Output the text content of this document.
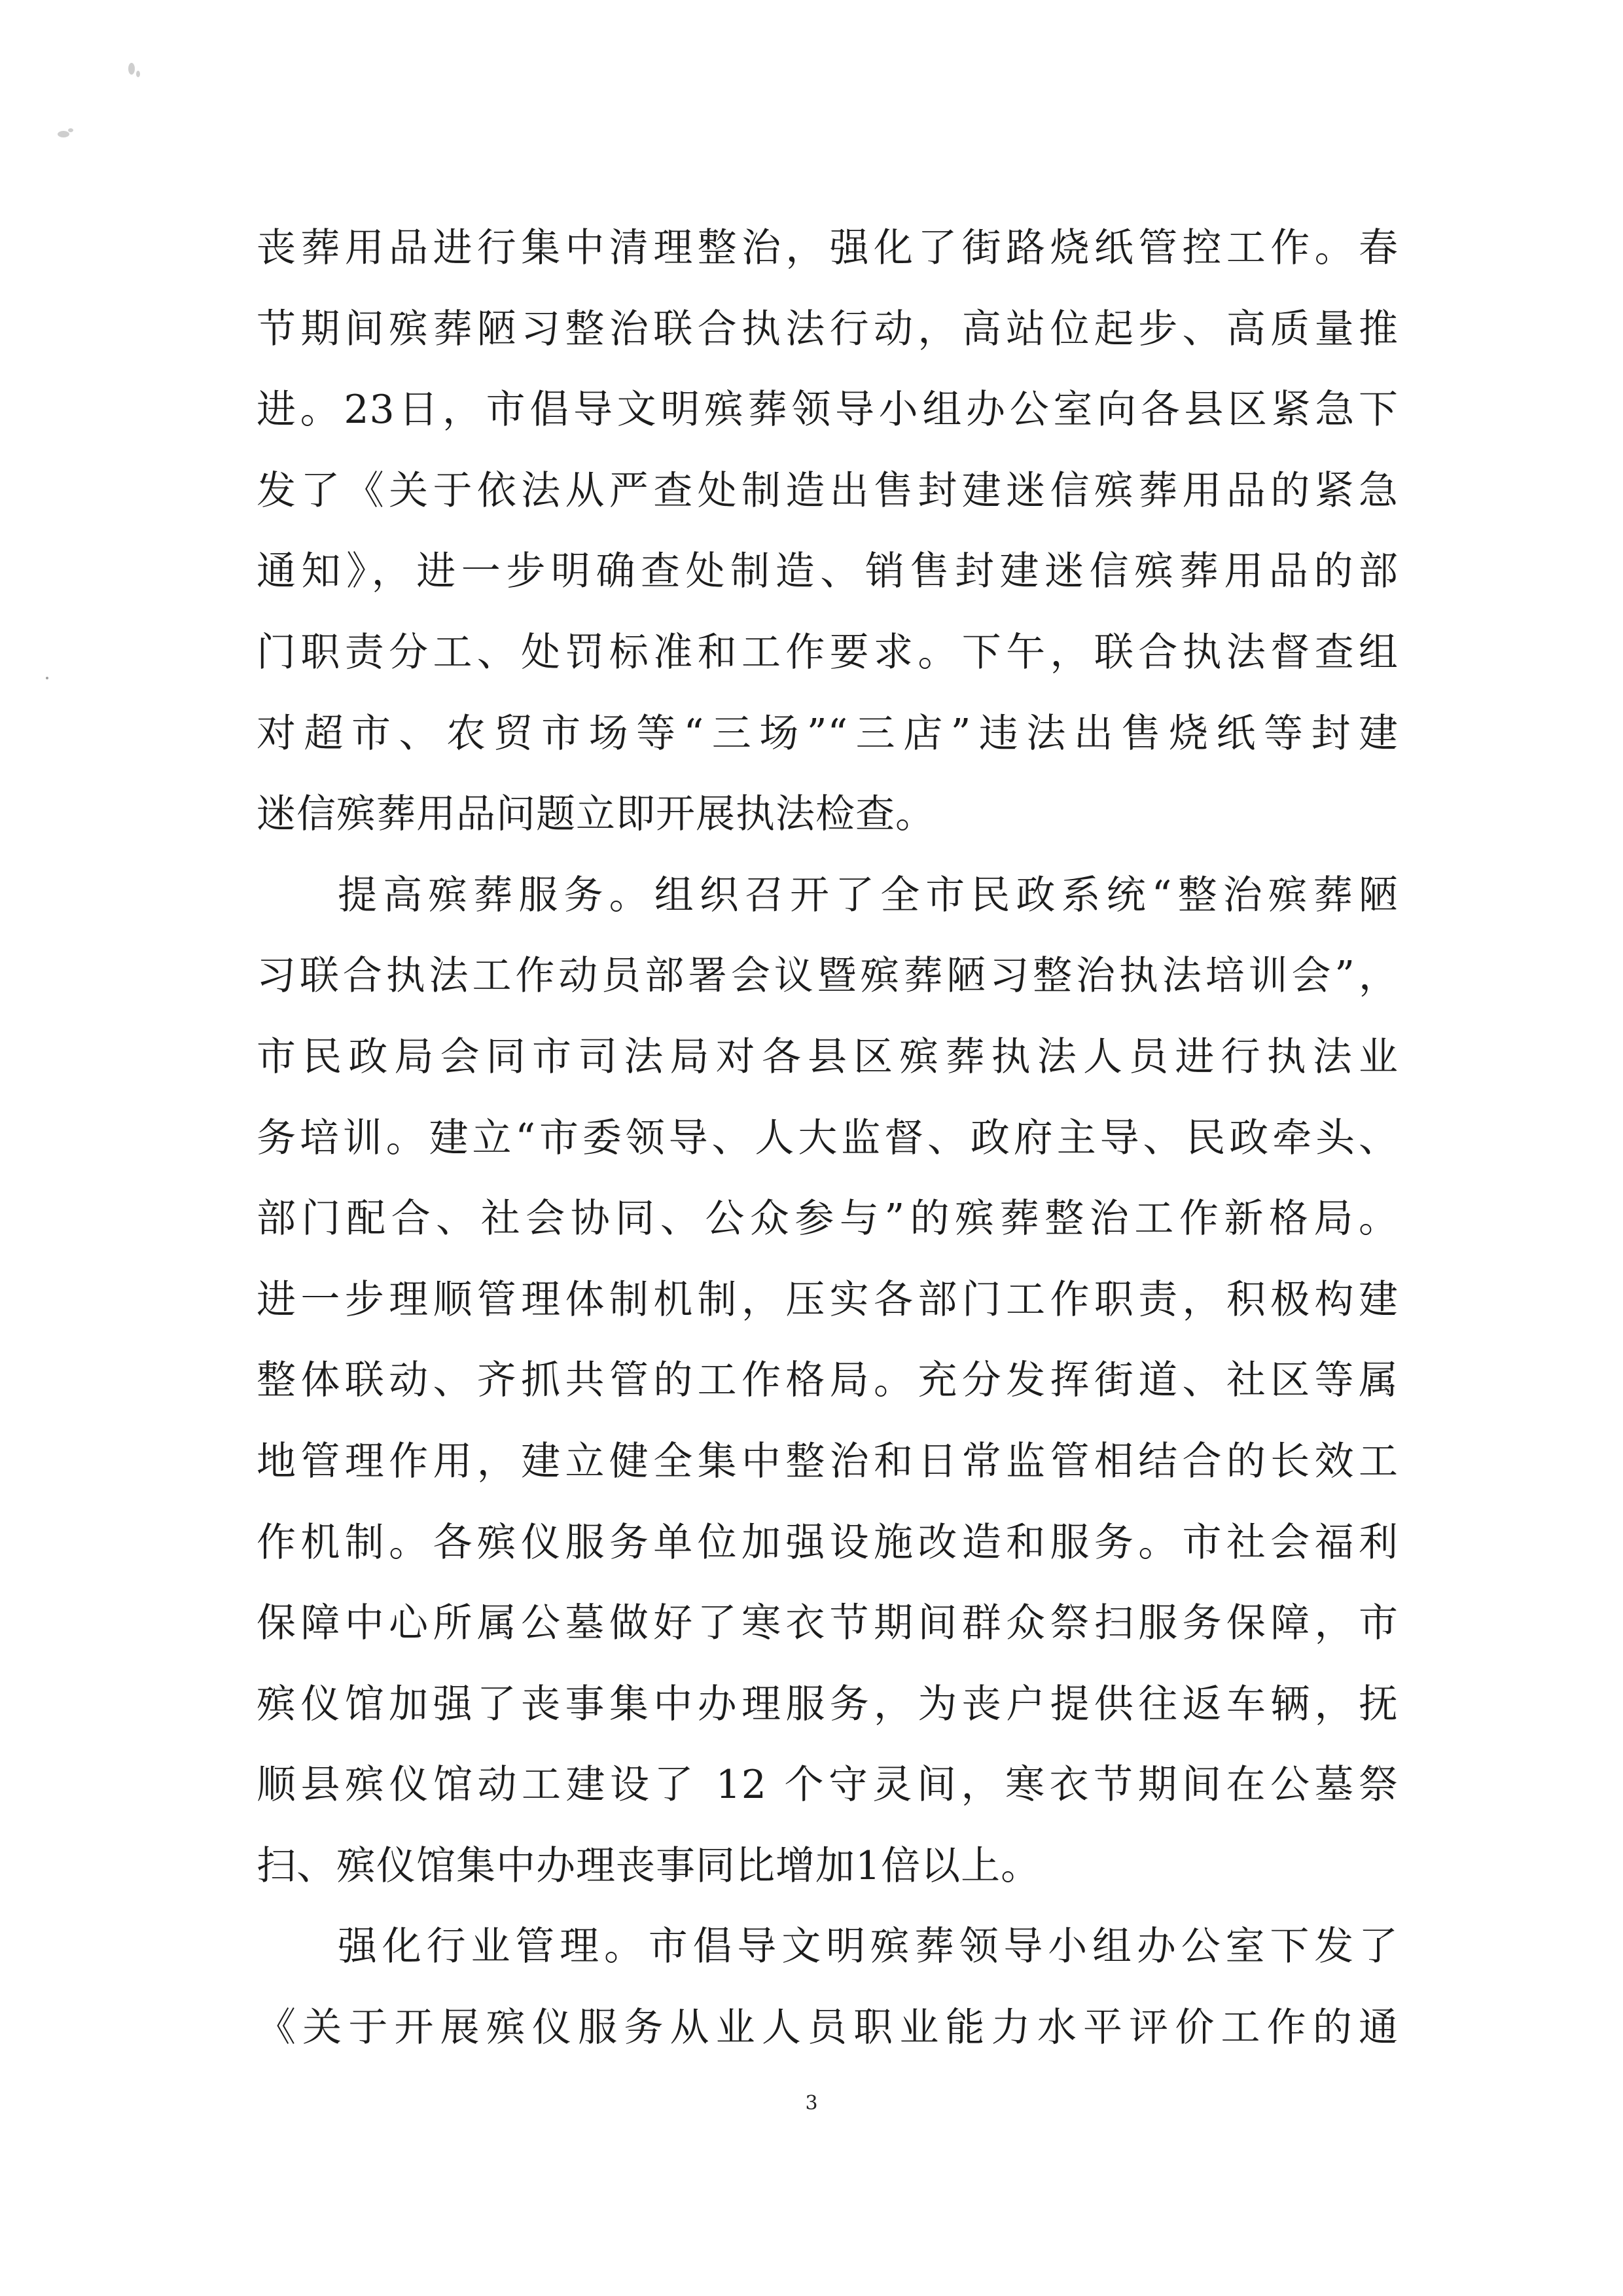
丧葬用品进行集中清理整治，强化了街路烧纸管控工作。春
节期间殡葬陋习整治联合执法行动，高站位起步、高质量推
进。23日，市倡导文明殡葬领导小组办公室向各县区紧急下
发了《关于依法从严查处制造出售封建迷信殡葬用品的紧急
通知》，进一步明确查处制造、销售封建迷信殡葬用品的部
门职责分工、处罚标准和工作要求。下午，联合执法督查组
对超市、农贸市场等“三场”“三店”违法出售烧纸等封建
迷信殡葬用品问题立即开展执法检查。
提高殡葬服务。组织召开了全市民政系统“整治殡葬陋
习联合执法工作动员部署会议暨殡葬陋习整治执法培训会”，
市民政局会同市司法局对各县区殡葬执法人员进行执法业
务培训。建立“市委领导、人大监督、政府主导、民政牵头、
部门配合、社会协同、公众参与”的殡葬整治工作新格局。
进一步理顺管理体制机制，压实各部门工作职责，积极构建
整体联动、齐抓共管的工作格局。充分发挥街道、社区等属
地管理作用，建立健全集中整治和日常监管相结合的长效工
作机制。各殡仪服务单位加强设施改造和服务。市社会福利
保障中心所属公墓做好了寒衣节期间群众祭扫服务保障，市
殡仪馆加强了丧事集中办理服务，为丧户提供往返车辆，抚
顺县殡仪馆动工建设了 12 个守灵间，寒衣节期间在公墓祭
扫、殡仪馆集中办理丧事同比增加1倍以上。
强化行业管理。市倡导文明殡葬领导小组办公室下发了
《关于开展殡仪服务从业人员职业能力水平评价工作的通
3
